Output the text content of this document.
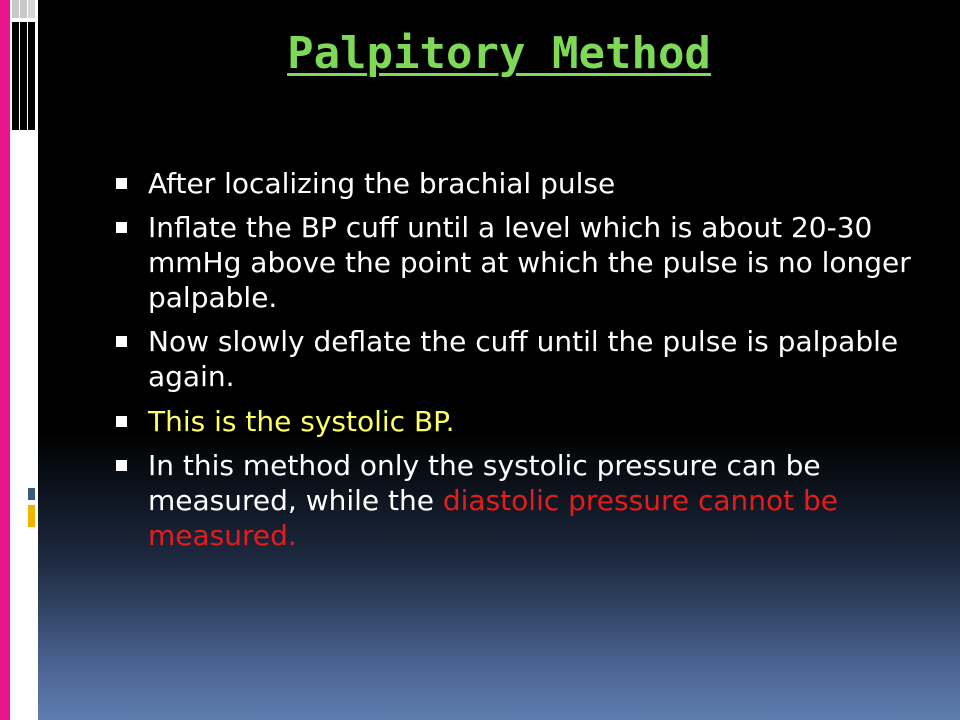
Palpitory Method
After localizing the brachial pulse
Inflate the BP cuff until a level which is about 20-30 mmHg above the point at which the pulse is no longer palpable.
Now slowly deflate the cuff until the pulse is palpable again.
This is the systolic BP.
In this method only the systolic pressure can be measured, while the diastolic pressure cannot be measured.
